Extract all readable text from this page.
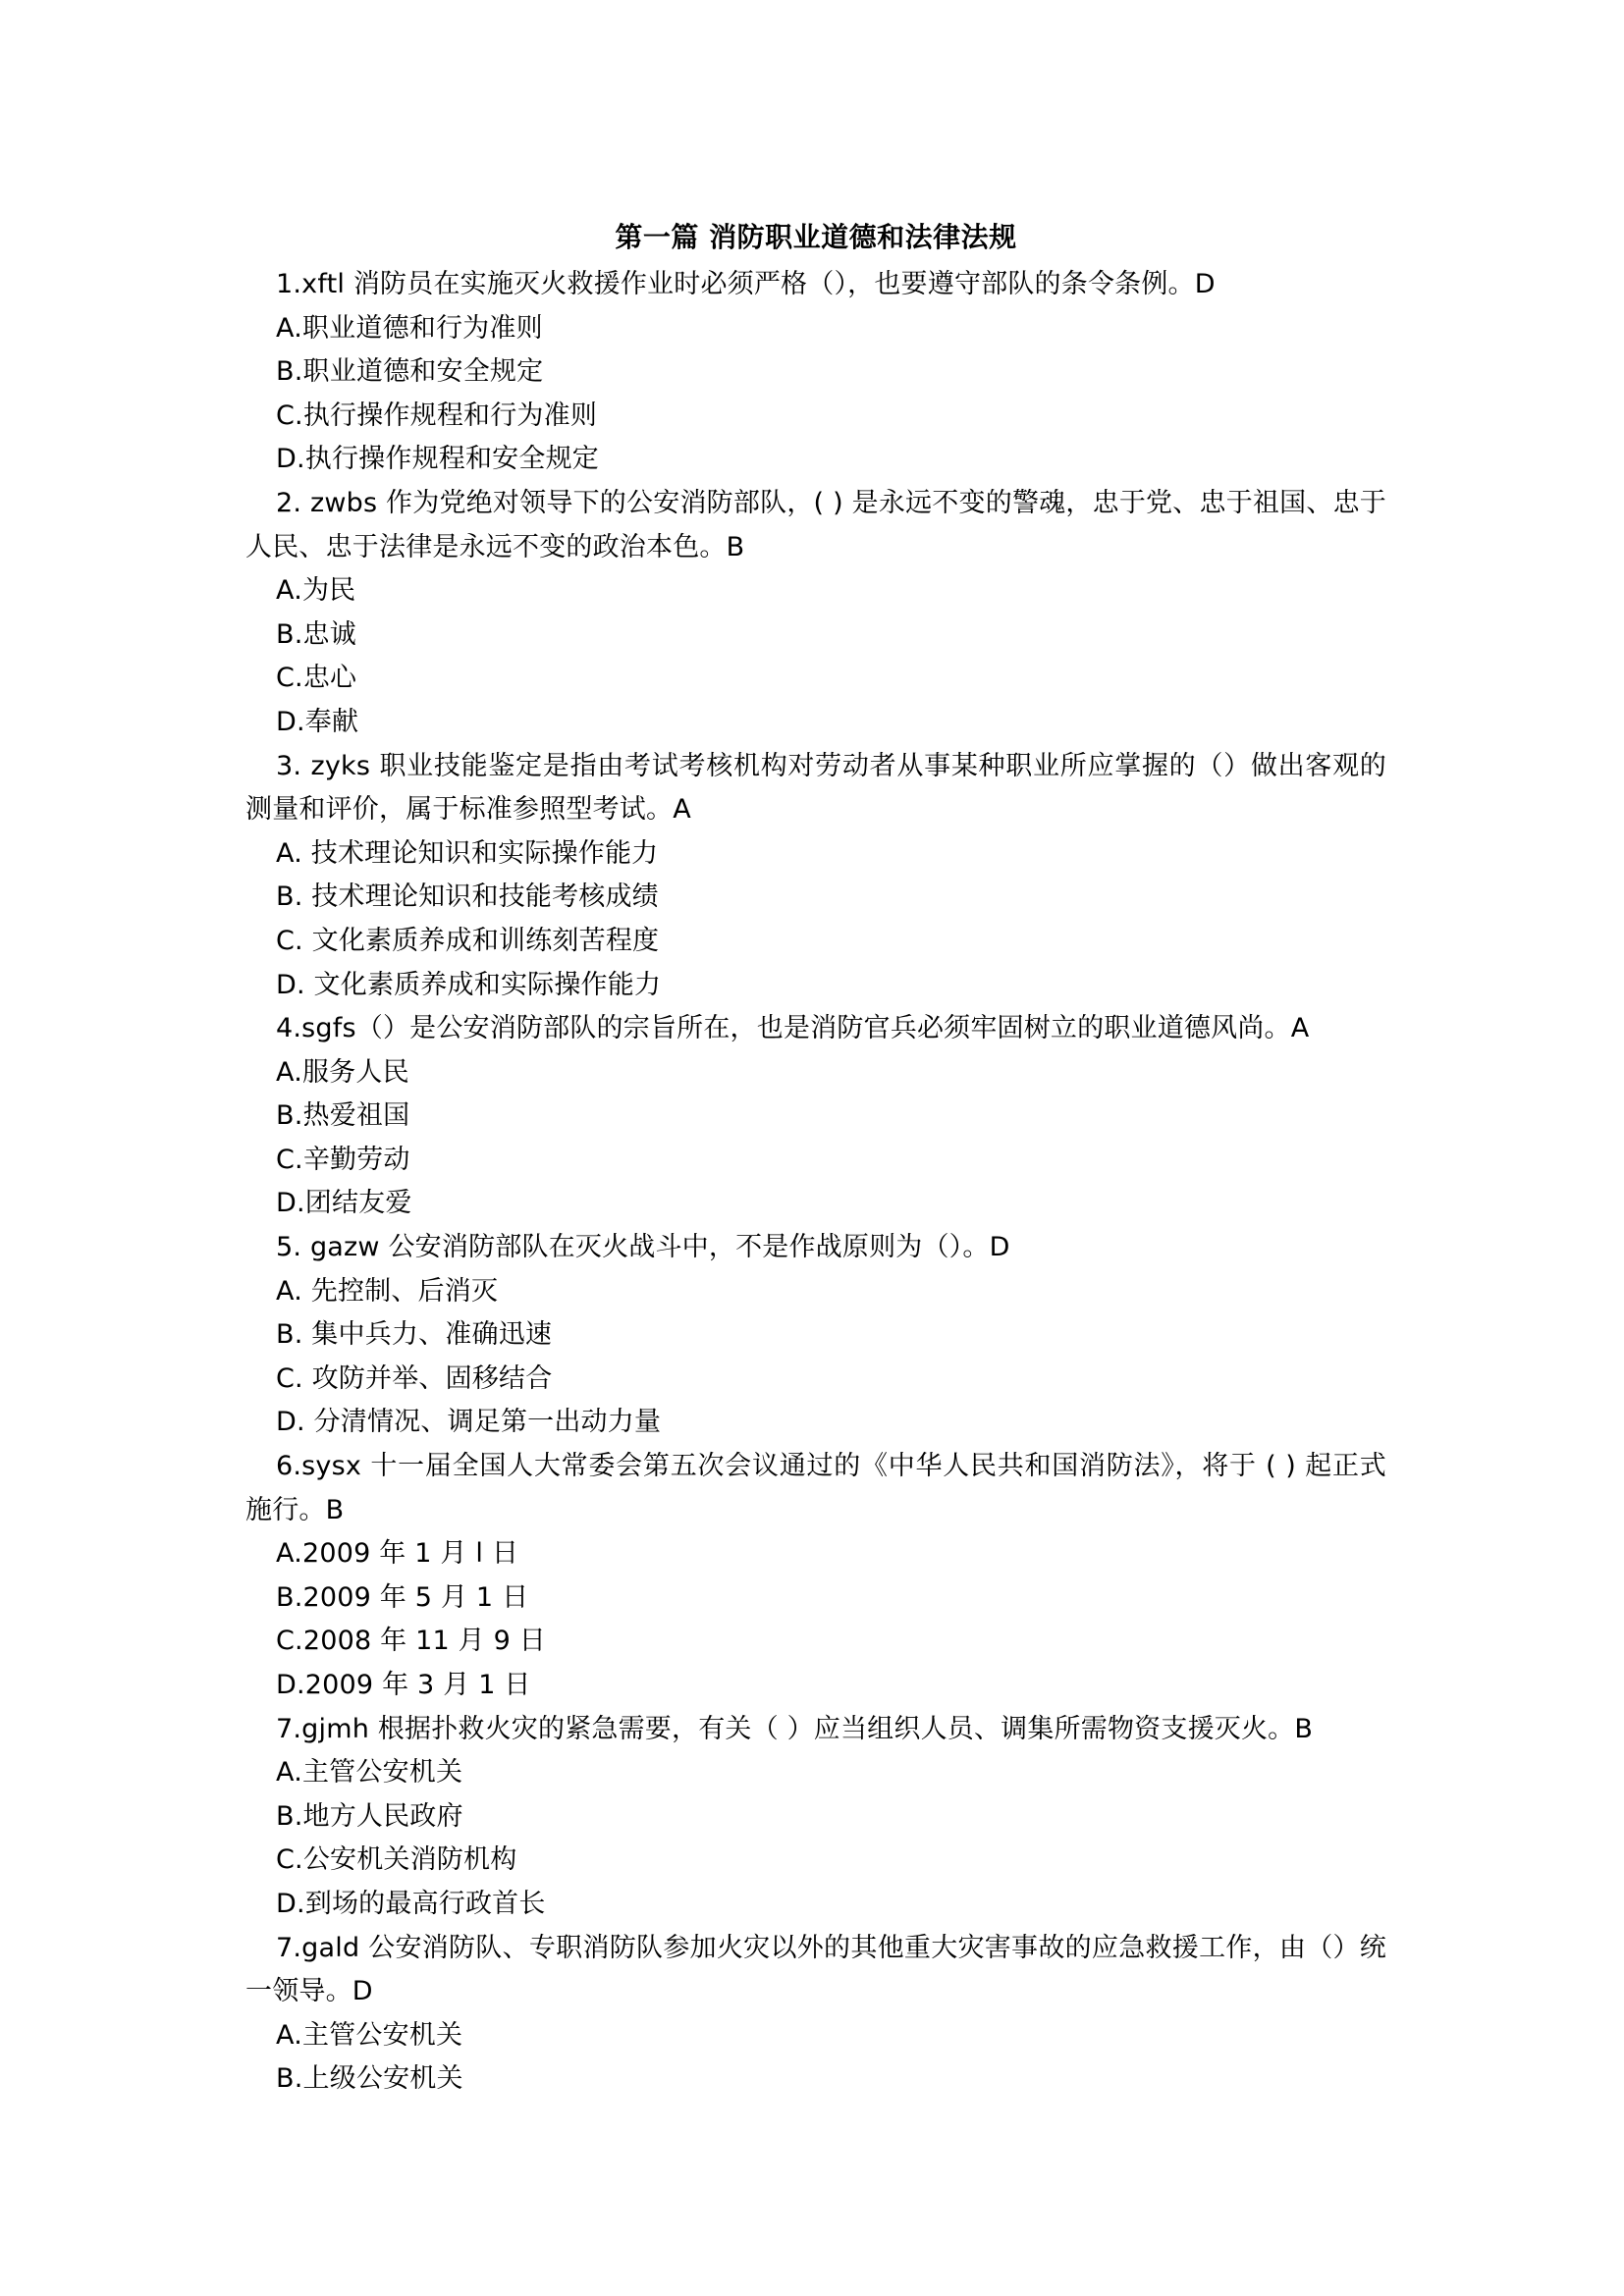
第一篇 消防职业道德和法律法规

1.xftl 消防员在实施灭火救援作业时必须严格（），也要遵守部队的条令条例。D

A.职业道德和行为准则
B.职业道德和安全规定
C.执行操作规程和行为准则
D.执行操作规程和安全规定

2. zwbs 作为党绝对领导下的公安消防部队，( ) 是永远不变的警魂，忠于党、忠于祖国、忠于人民、忠于法律是永远不变的政治本色。B

A.为民
B.忠诚
C.忠心
D.奉献

3. zyks 职业技能鉴定是指由考试考核机构对劳动者从事某种职业所应掌握的（）做出客观的测量和评价，属于标准参照型考试。A

A. 技术理论知识和实际操作能力
B. 技术理论知识和技能考核成绩
C. 文化素质养成和训练刻苦程度
D. 文化素质养成和实际操作能力

4.sgfs（）是公安消防部队的宗旨所在，也是消防官兵必须牢固树立的职业道德风尚。A

A.服务人民
B.热爱祖国
C.辛勤劳动
D.团结友爱

5. gazw 公安消防部队在灭火战斗中，不是作战原则为（）。D

A. 先控制、后消灭
B. 集中兵力、准确迅速
C. 攻防并举、固移结合
D. 分清情况、调足第一出动力量

6.sysx 十一届全国人大常委会第五次会议通过的《中华人民共和国消防法》，将于 ( ) 起正式施行。B

A.2009 年 1 月 l 日
B.2009 年 5 月 1 日
C.2008 年 11 月 9 日
D.2009 年 3 月 1 日

7.gjmh 根据扑救火灾的紧急需要，有关（ ）应当组织人员、调集所需物资支援灭火。B

A.主管公安机关
B.地方人民政府
C.公安机关消防机构
D.到场的最高行政首长

7.gald 公安消防队、专职消防队参加火灾以外的其他重大灾害事故的应急救援工作，由（）统一领导。D

A.主管公安机关
B.上级公安机关
